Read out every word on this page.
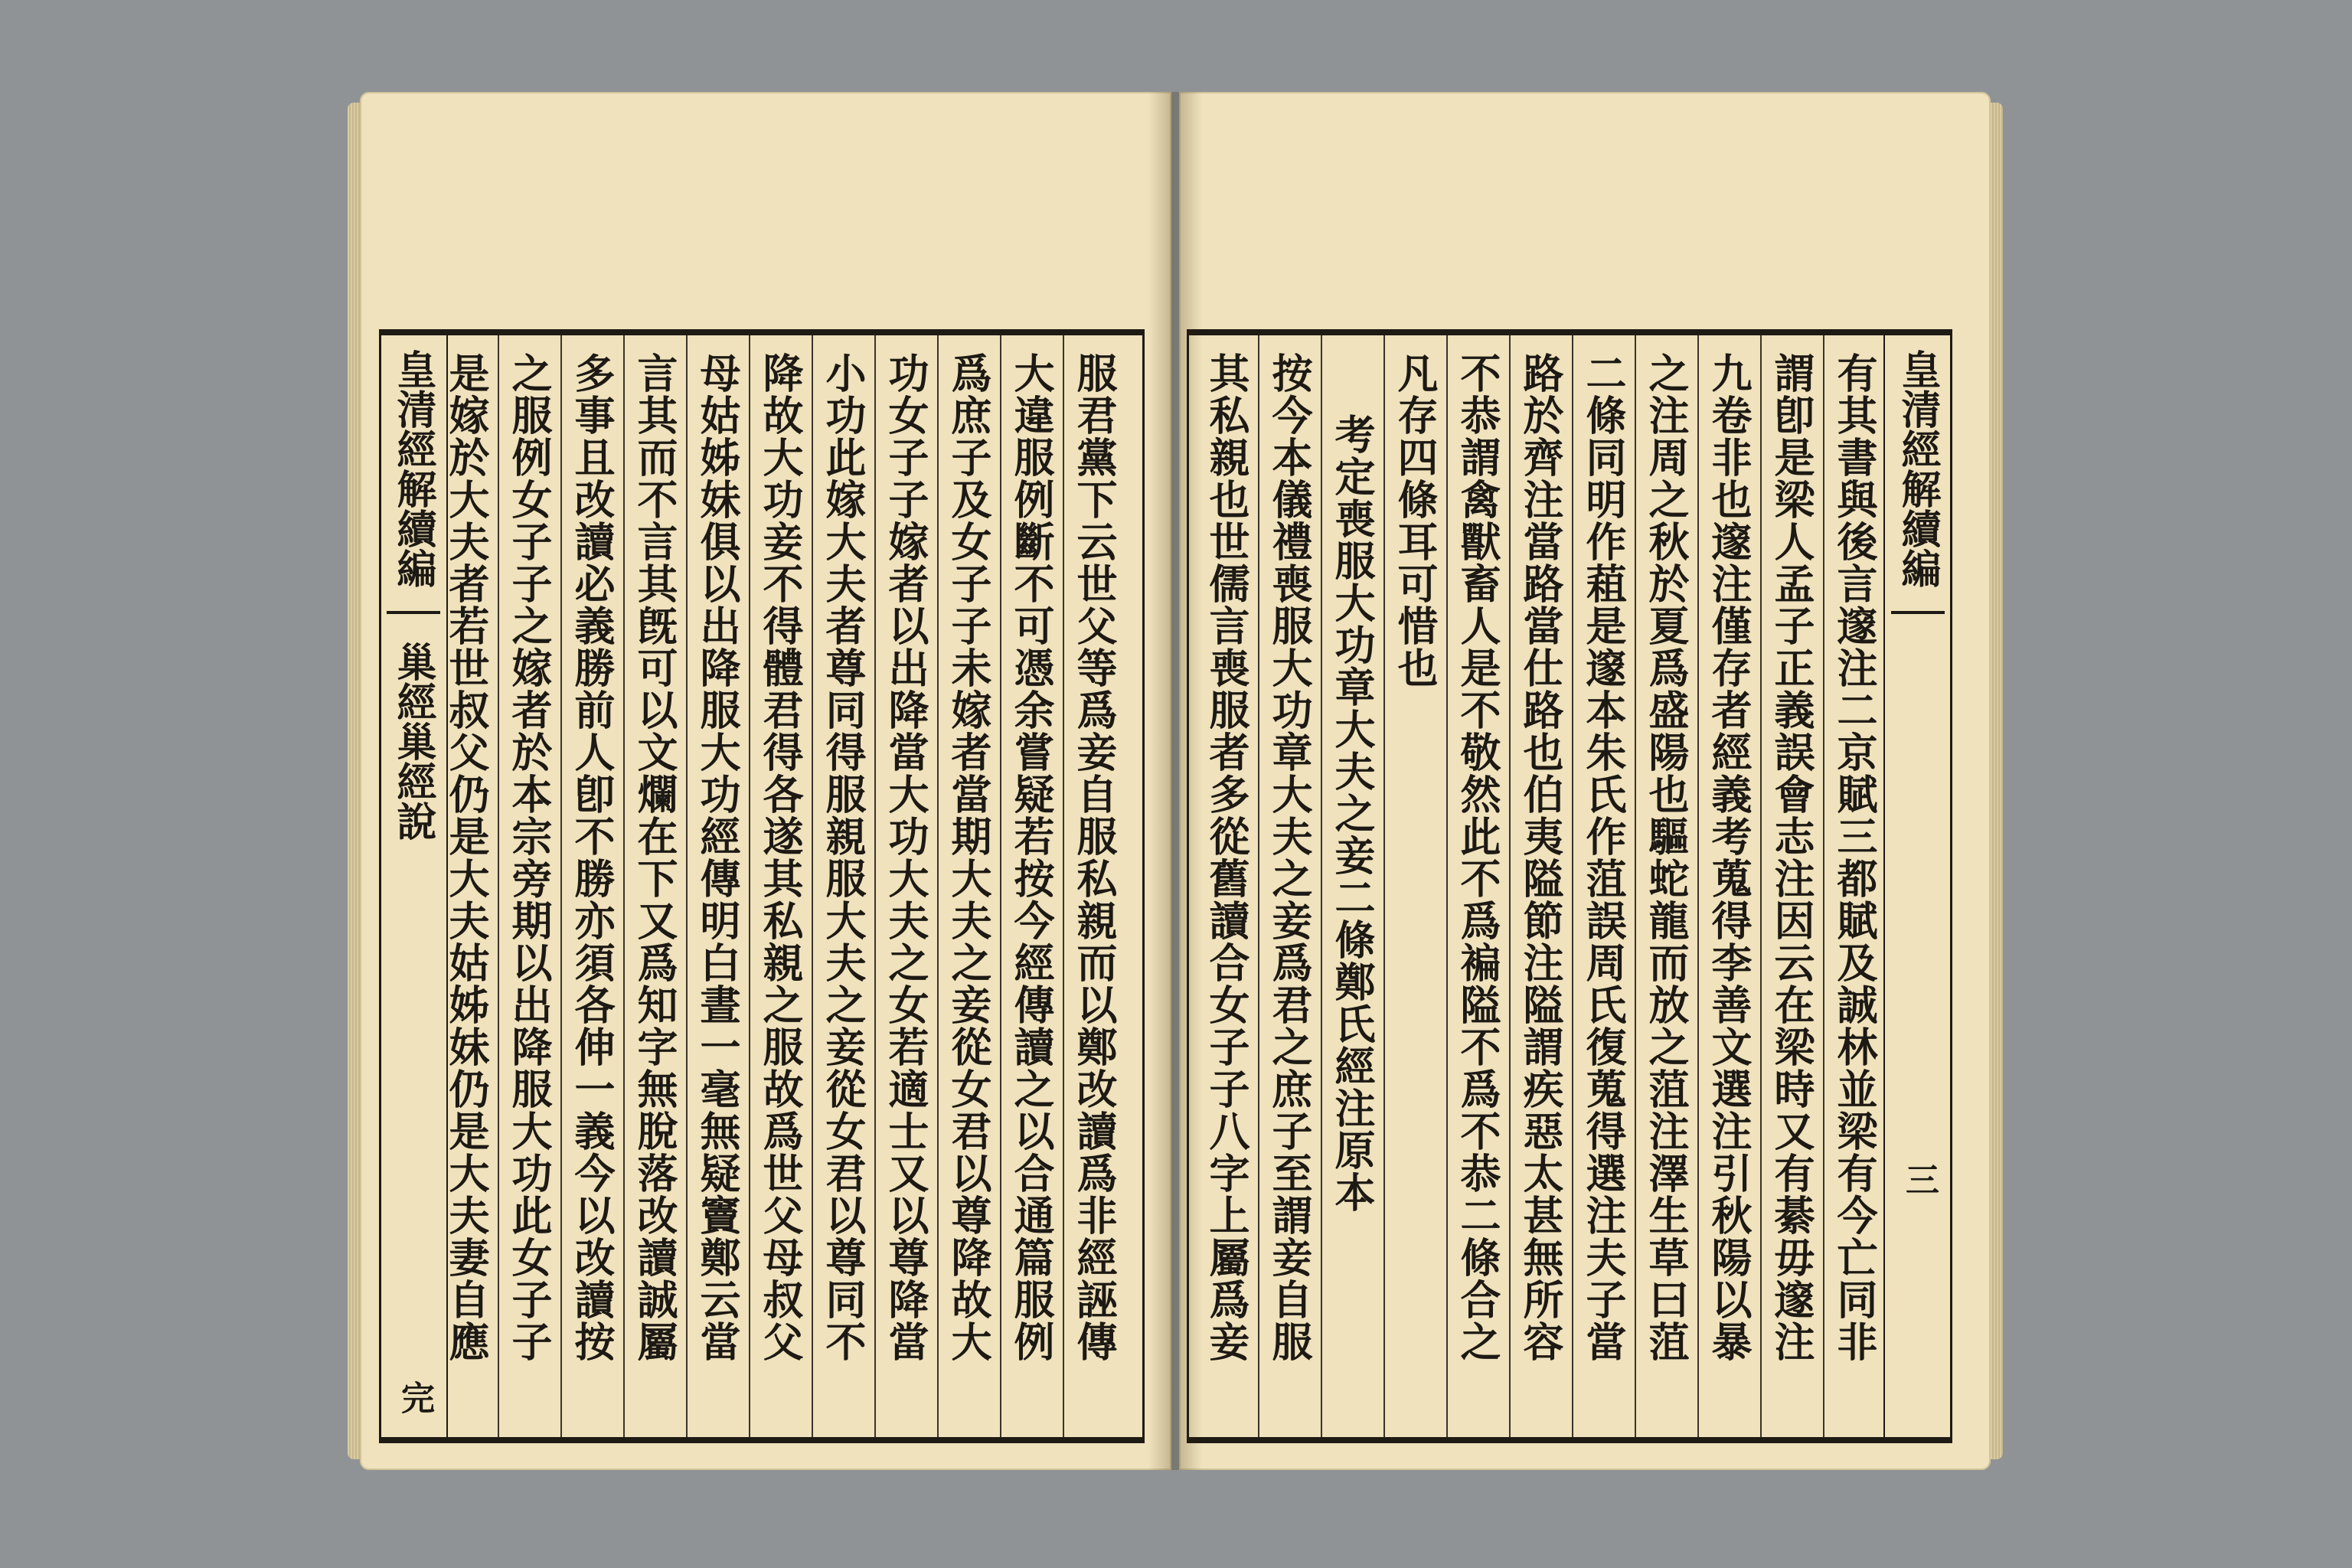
服君黨下云世父等爲妾自服私親而以鄭改讀爲非經誣傳
大違服例斷不可憑余嘗疑若按今經傳讀之以合通篇服例
爲庶子及女子子未嫁者當期大夫之妾從女君以尊降故大
功女子子嫁者以出降當大功大夫之女若適士又以尊降當
小功此嫁大夫者尊同得服親服大夫之妾從女君以尊同不
降故大功妾不得體君得各遂其私親之服故爲世父母叔父
母姑姊妹俱以出降服大功經傳明白晝一毫無疑竇鄭云當
言其而不言其旣可以文爛在下又爲知字無脫落改讀誠屬
多事且改讀必義勝前人卽不勝亦須各伸一義今以改讀按
之服例女子子之嫁者於本宗旁期以出降服大功此女子子
是嫁於大夫者若世叔父仍是大夫姑姊妹仍是大夫妻自應
皇清經解續編
巢經巢經說
完
皇清經解續編
三
有其書與後言邃注二京賦三都賦及誠林並梁有今亡同非
謂卽是梁人孟子正義誤會志注因云在梁時又有綦毋邃注
九卷非也邃注僅存者經義考蒐得李善文選注引秋陽以暴
之注周之秋於夏爲盛陽也驅蛇龍而放之菹注澤生草曰菹
二條同明作蒩是邃本朱氏作菹誤周氏復蒐得選注夫子當
路於齊注當路當仕路也伯夷隘節注隘謂疾惡太甚無所容
不恭謂禽獸畜人是不敬然此不爲褊隘不爲不恭二條合之
凡存四條耳可惜也
考定喪服大功章大夫之妾二條鄭氏經注原本
按今本儀禮喪服大功章大夫之妾爲君之庶子至謂妾自服
其私親也世儒言喪服者多從舊讀合女子子八字上屬爲妾
